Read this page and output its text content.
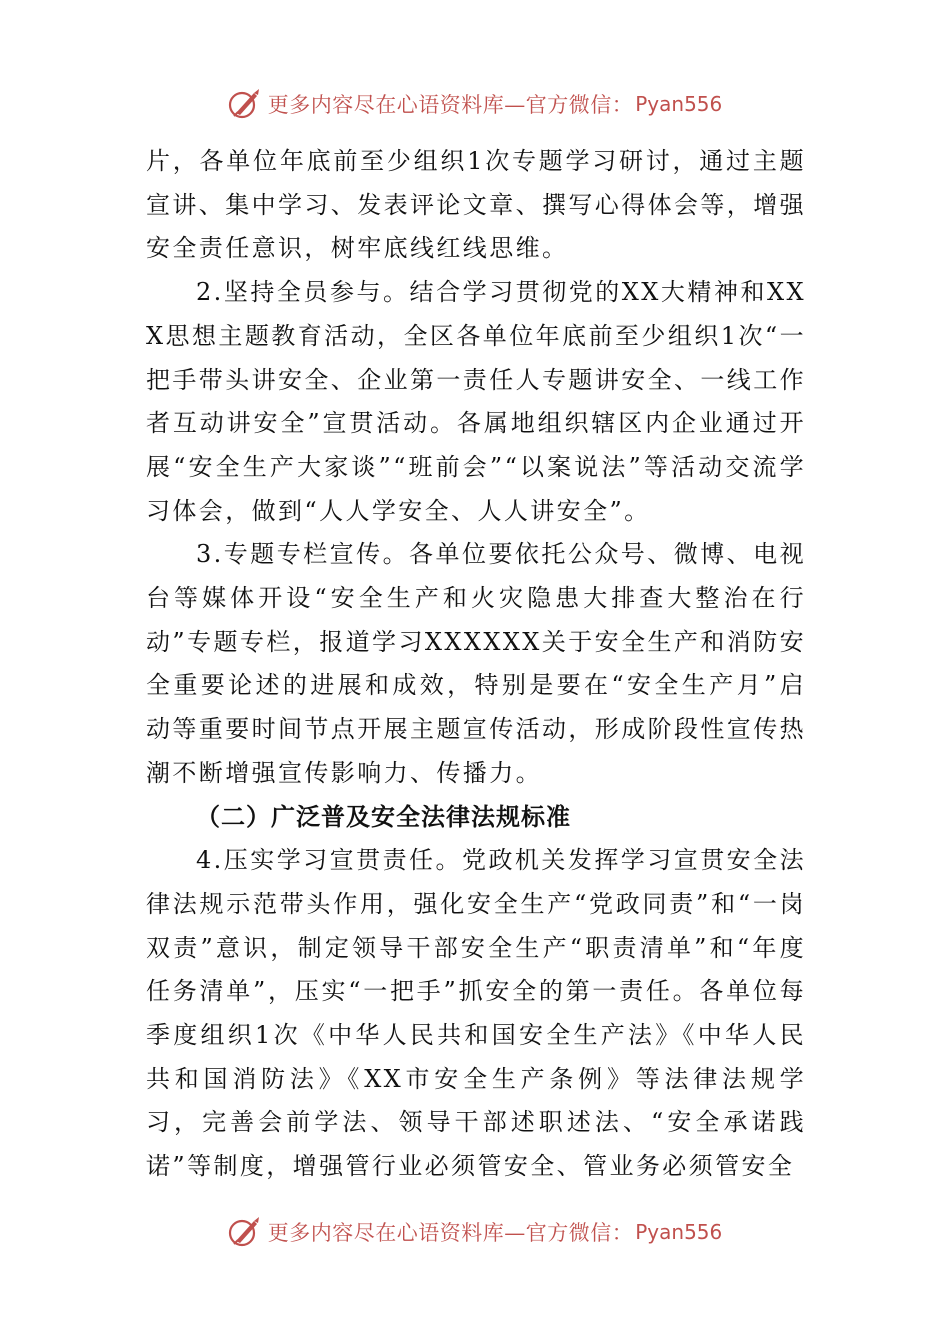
更多内容尽在心语资料库—官方微信： Pyan556

片，各单位年底前至少组织1次专题学习研讨，通过主题宣讲、集中学习、发表评论文章、撰写心得体会等，增强安全责任意识，树牢底线红线思维。

2.坚持全员参与。结合学习贯彻党的XX大精神和XXX思想主题教育活动，全区各单位年底前至少组织1次“一把手带头讲安全、企业第一责任人专题讲安全、一线工作者互动讲安全”宣贯活动。各属地组织辖区内企业通过开展“安全生产大家谈”“班前会”“以案说法”等活动交流学习体会，做到“人人学安全、人人讲安全”。

3.专题专栏宣传。各单位要依托公众号、微博、电视台等媒体开设“安全生产和火灾隐患大排查大整治在行动”专题专栏，报道学习XXXXXX关于安全生产和消防安全重要论述的进展和成效，特别是要在“安全生产月”启动等重要时间节点开展主题宣传活动，形成阶段性宣传热潮不断增强宣传影响力、传播力。

（二）广泛普及安全法律法规标准

4.压实学习宣贯责任。党政机关发挥学习宣贯安全法律法规示范带头作用，强化安全生产“党政同责”和“一岗双责”意识，制定领导干部安全生产“职责清单”和“年度任务清单”，压实“一把手”抓安全的第一责任。各单位每季度组织1次《中华人民共和国安全生产法》《中华人民共和国消防法》《XX市安全生产条例》等法律法规学习，完善会前学法、领导干部述职述法、“安全承诺践诺”等制度，增强管行业必须管安全、管业务必须管安全

更多内容尽在心语资料库—官方微信： Pyan556
